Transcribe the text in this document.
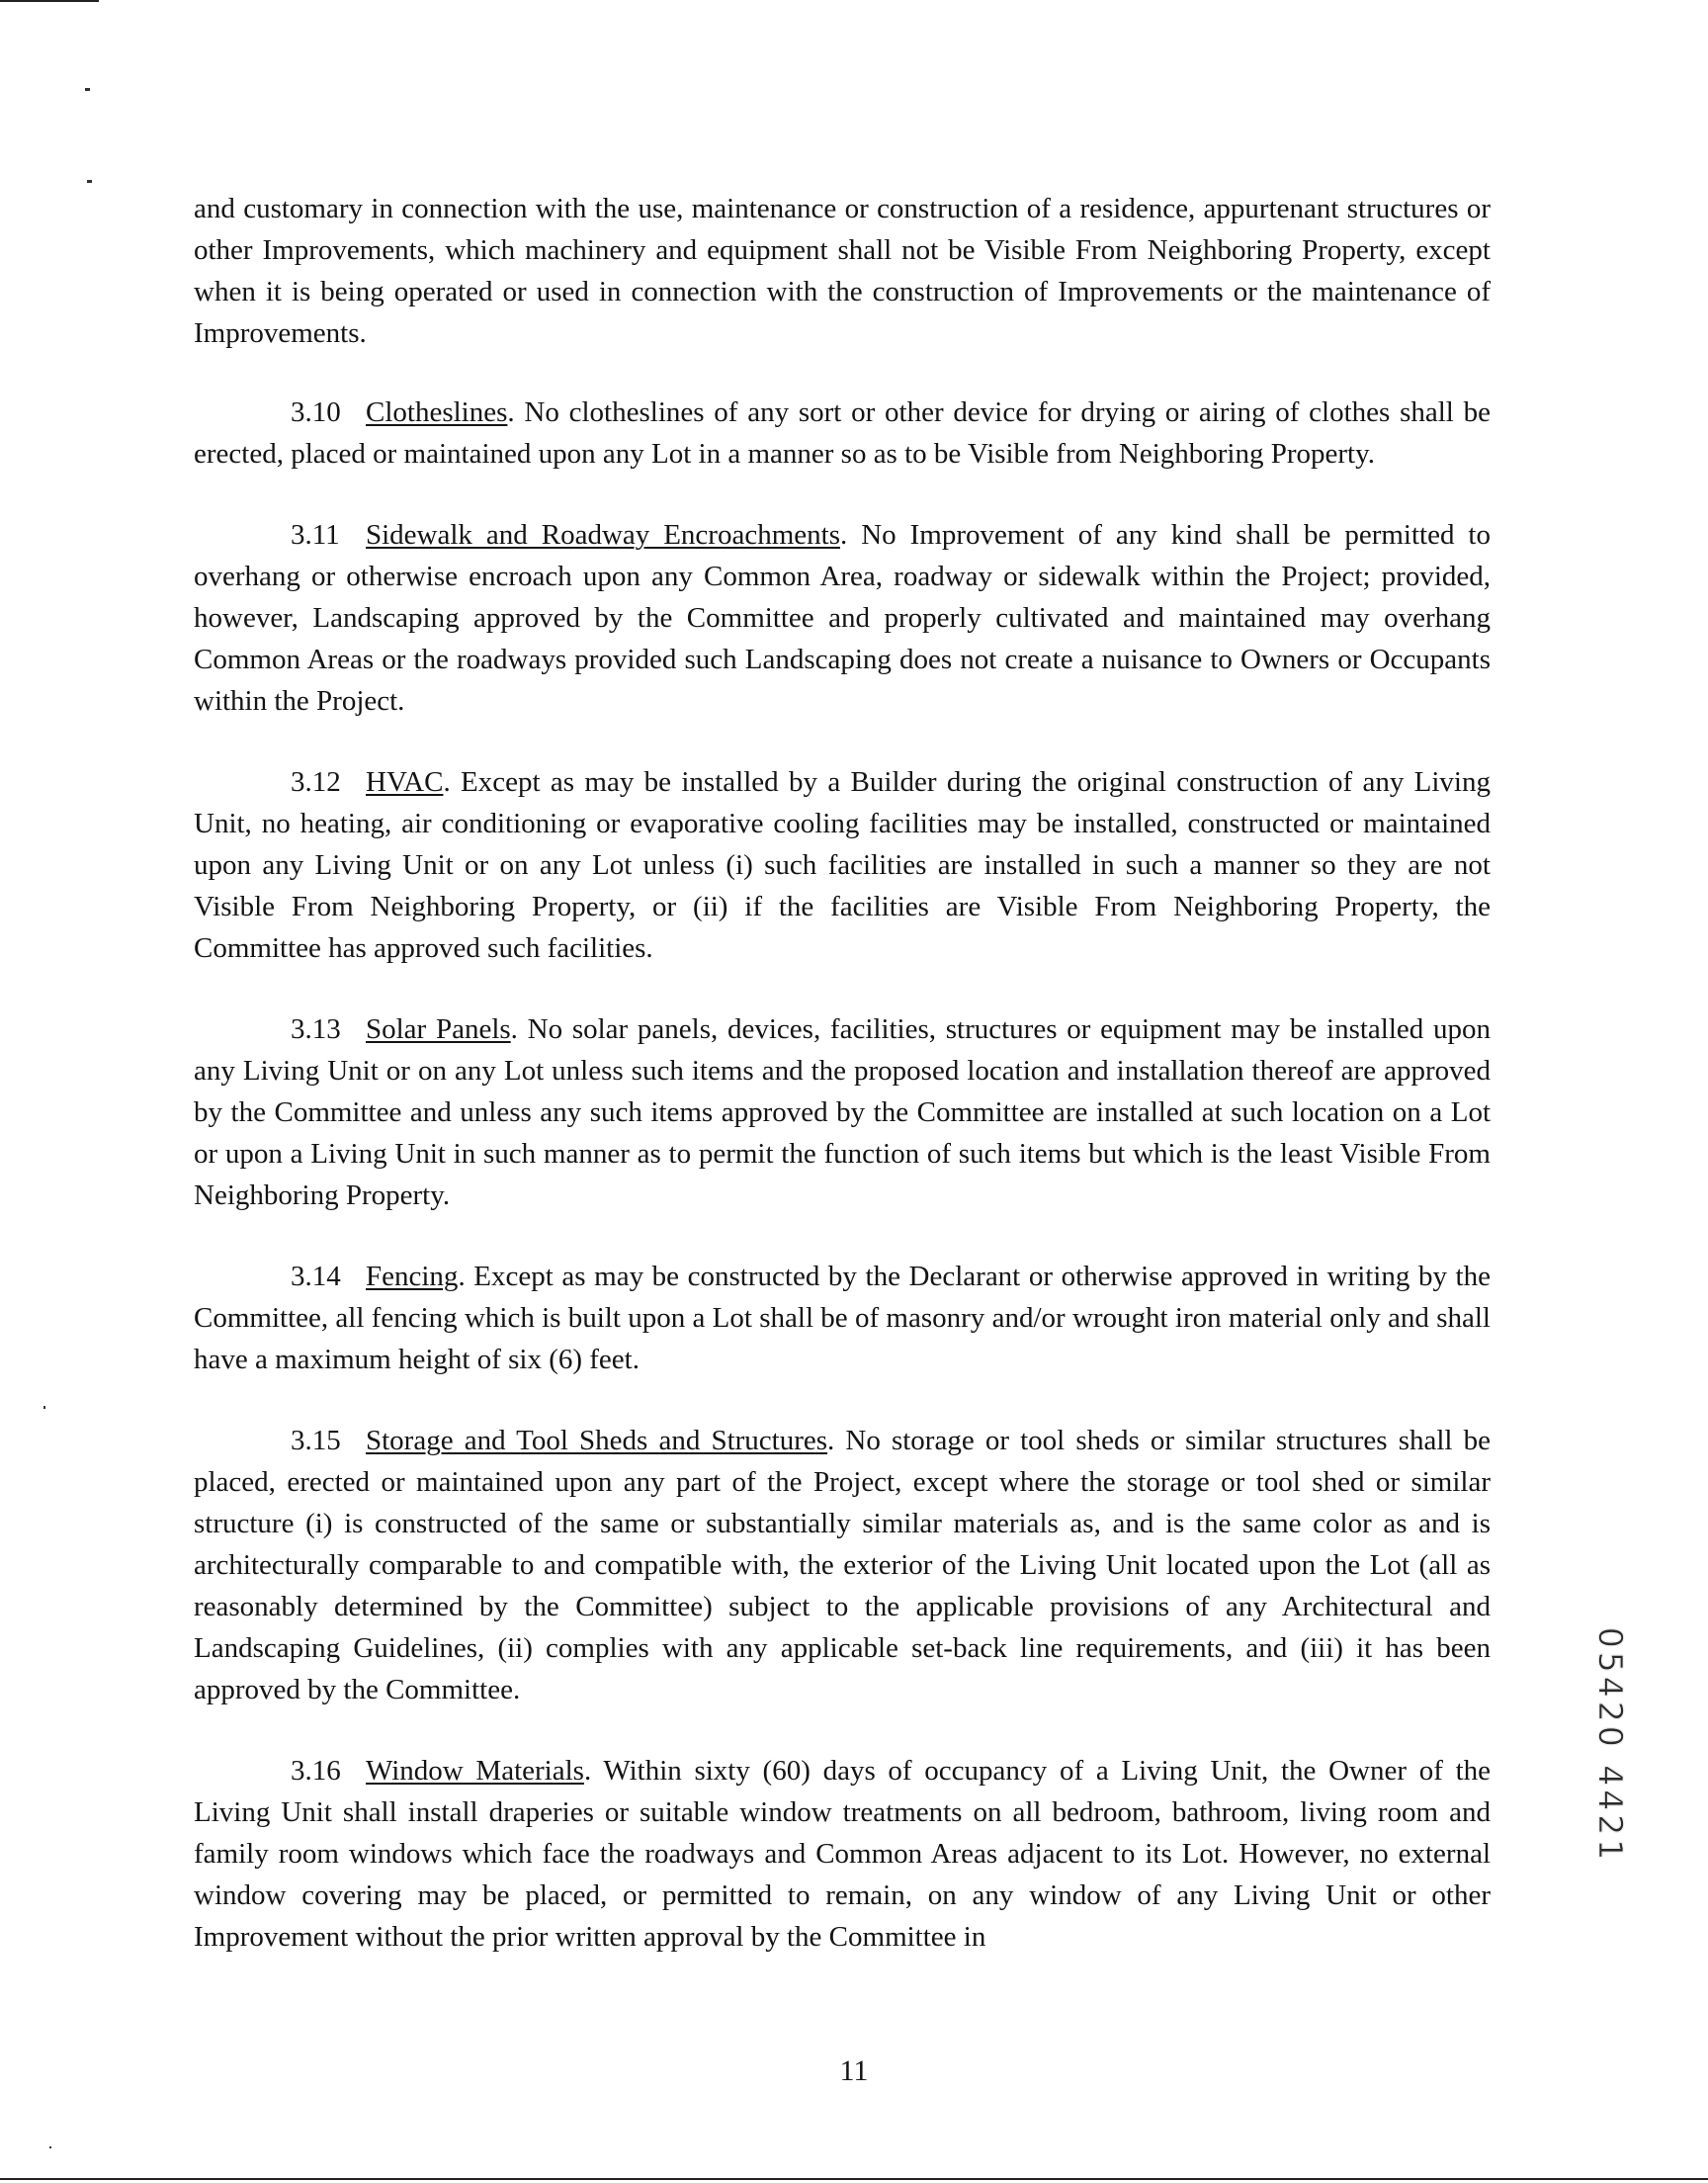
and customary in connection with the use, maintenance or construction of a residence, appurtenant structures or other Improvements, which machinery and equipment shall not be Visible From Neighboring Property, except when it is being operated or used in connection with the construction of Improvements or the maintenance of Improvements.

3.10 Clotheslines. No clotheslines of any sort or other device for drying or airing of clothes shall be erected, placed or maintained upon any Lot in a manner so as to be Visible from Neighboring Property.

3.11 Sidewalk and Roadway Encroachments. No Improvement of any kind shall be permitted to overhang or otherwise encroach upon any Common Area, roadway or sidewalk within the Project; provided, however, Landscaping approved by the Committee and properly cultivated and maintained may overhang Common Areas or the roadways provided such Landscaping does not create a nuisance to Owners or Occupants within the Project.

3.12 HVAC. Except as may be installed by a Builder during the original construction of any Living Unit, no heating, air conditioning or evaporative cooling facilities may be installed, constructed or maintained upon any Living Unit or on any Lot unless (i) such facilities are installed in such a manner so they are not Visible From Neighboring Property, or (ii) if the facilities are Visible From Neighboring Property, the Committee has approved such facilities.

3.13 Solar Panels. No solar panels, devices, facilities, structures or equipment may be installed upon any Living Unit or on any Lot unless such items and the proposed location and installation thereof are approved by the Committee and unless any such items approved by the Committee are installed at such location on a Lot or upon a Living Unit in such manner as to permit the function of such items but which is the least Visible From Neighboring Property.

3.14 Fencing. Except as may be constructed by the Declarant or otherwise approved in writing by the Committee, all fencing which is built upon a Lot shall be of masonry and/or wrought iron material only and shall have a maximum height of six (6) feet.

3.15 Storage and Tool Sheds and Structures. No storage or tool sheds or similar structures shall be placed, erected or maintained upon any part of the Project, except where the storage or tool shed or similar structure (i) is constructed of the same or substantially similar materials as, and is the same color as and is architecturally comparable to and compatible with, the exterior of the Living Unit located upon the Lot (all as reasonably determined by the Committee) subject to the applicable provisions of any Architectural and Landscaping Guidelines, (ii) complies with any applicable set-back line requirements, and (iii) it has been approved by the Committee.

3.16 Window Materials. Within sixty (60) days of occupancy of a Living Unit, the Owner of the Living Unit shall install draperies or suitable window treatments on all bedroom, bathroom, living room and family room windows which face the roadways and Common Areas adjacent to its Lot. However, no external window covering may be placed, or permitted to remain, on any window of any Living Unit or other Improvement without the prior written approval by the Committee in

05420 4421
11
